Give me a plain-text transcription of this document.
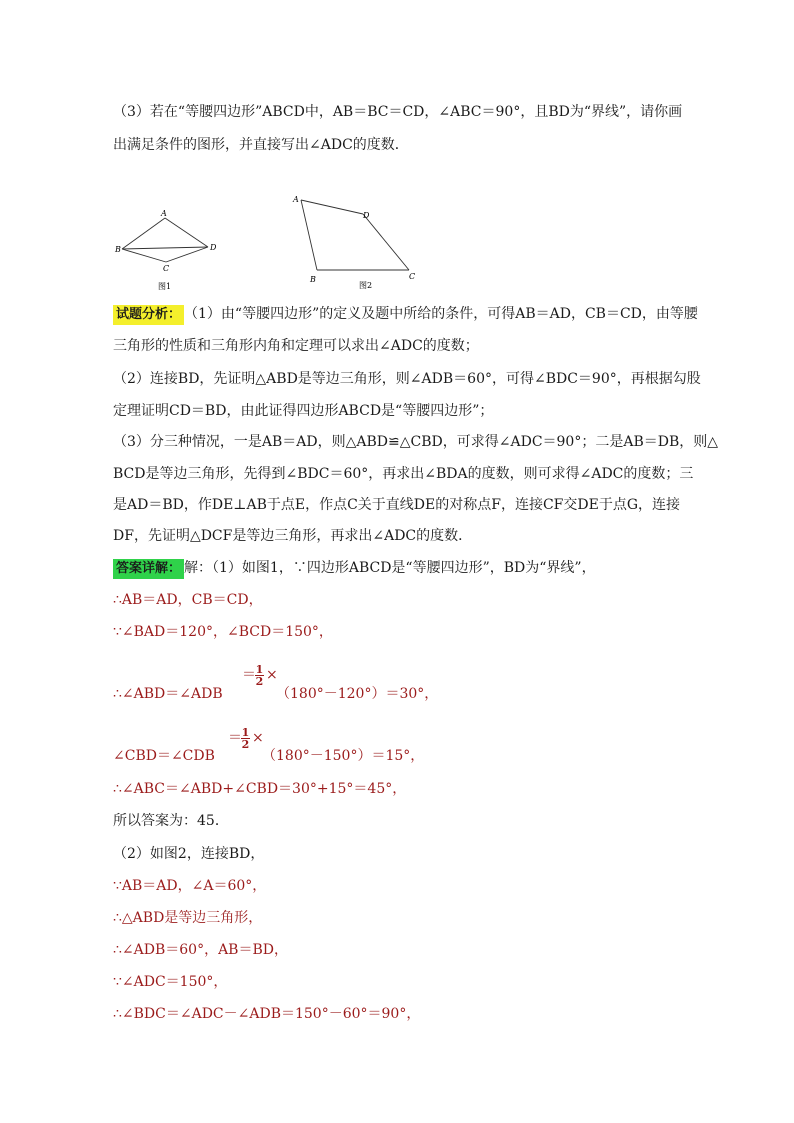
（3）若在“等腰四边形”ABCD中，AB＝BC＝CD，∠ABC＝90°，且BD为“界线”，请你画
出满足条件的图形，并直接写出∠ADC的度数．
A
B
C
D
图1
A
D
B	C
图2
试题分析： （1）由“等腰四边形”的定义及题中所给的条件，可得AB＝AD，CB＝CD，由等腰
三角形的性质和三角形内角和定理可以求出∠ADC的度数；
（2）连接BD，先证明△ABD是等边三角形，则∠ADB＝60°，可得∠BDC＝90°，再根据勾股
定理证明CD＝BD，由此证得四边形ABCD是“等腰四边形”；
（3）分三种情况，一是AB＝AD，则△ABD≌△CBD，可求得∠ADC＝90°；二是AB＝DB，则△
BCD是等边三角形，先得到∠BDC＝60°，再求出∠BDA的度数，则可求得∠ADC的度数；三
是AD＝BD，作DE⊥AB于点E，作点C关于直线DE的对称点F，连接CF交DE于点G，连接
DF，先证明△DCF是等边三角形，再求出∠ADC的度数．
答案详解： 解：（1）如图1，∵四边形ABCD是“等腰四边形”，BD为“界线”，
∴AB＝AD，CB＝CD，
∵∠BAD＝120°，∠BCD＝150°，
∴∠ABD＝∠ADB
＝ 1
2 ×
（180°－120°）＝30°，
∠CBD＝∠CDB
＝ 1
2 ×
（180°－150°）＝15°，
∴∠ABC＝∠ABD+∠CBD＝30°+15°＝45°，
所以答案为：45．
（2）如图2，连接BD，
∵AB＝AD，∠A＝60°，
∴△ABD是等边三角形，
∴∠ADB＝60°，AB＝BD，
∵∠ADC＝150°，
∴∠BDC＝∠ADC－∠ADB＝150°－60°＝90°，
